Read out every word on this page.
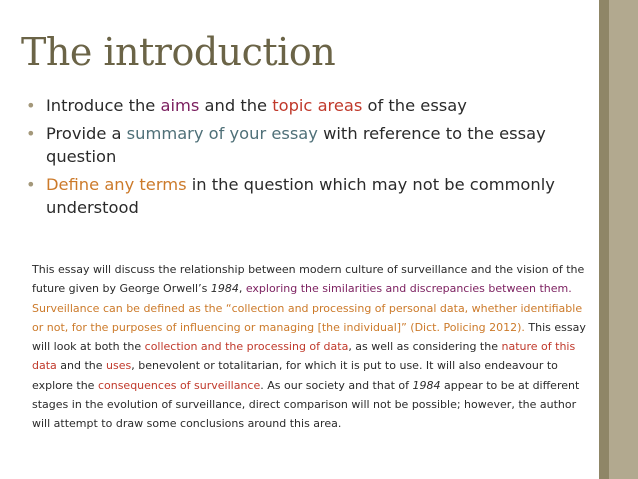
The introduction
• Introduce the aims and the topic areas of the essay
• Provide a summary of your essay with reference to the essay question
• Define any terms in the question which may not be commonly understood
This essay will discuss the relationship between modern culture of surveillance and the vision of the future given by George Orwell’s 1984, exploring the similarities and discrepancies between them. Surveillance can be defined as the “collection and processing of personal data, whether identifiable or not, for the purposes of influencing or managing [the individual]” (Dict. Policing 2012). This essay will look at both the collection and the processing of data, as well as considering the nature of this data and the uses, benevolent or totalitarian, for which it is put to use. It will also endeavour to explore the consequences of surveillance. As our society and that of 1984 appear to be at different stages in the evolution of surveillance, direct comparison will not be possible; however, the author will attempt to draw some conclusions around this area.
